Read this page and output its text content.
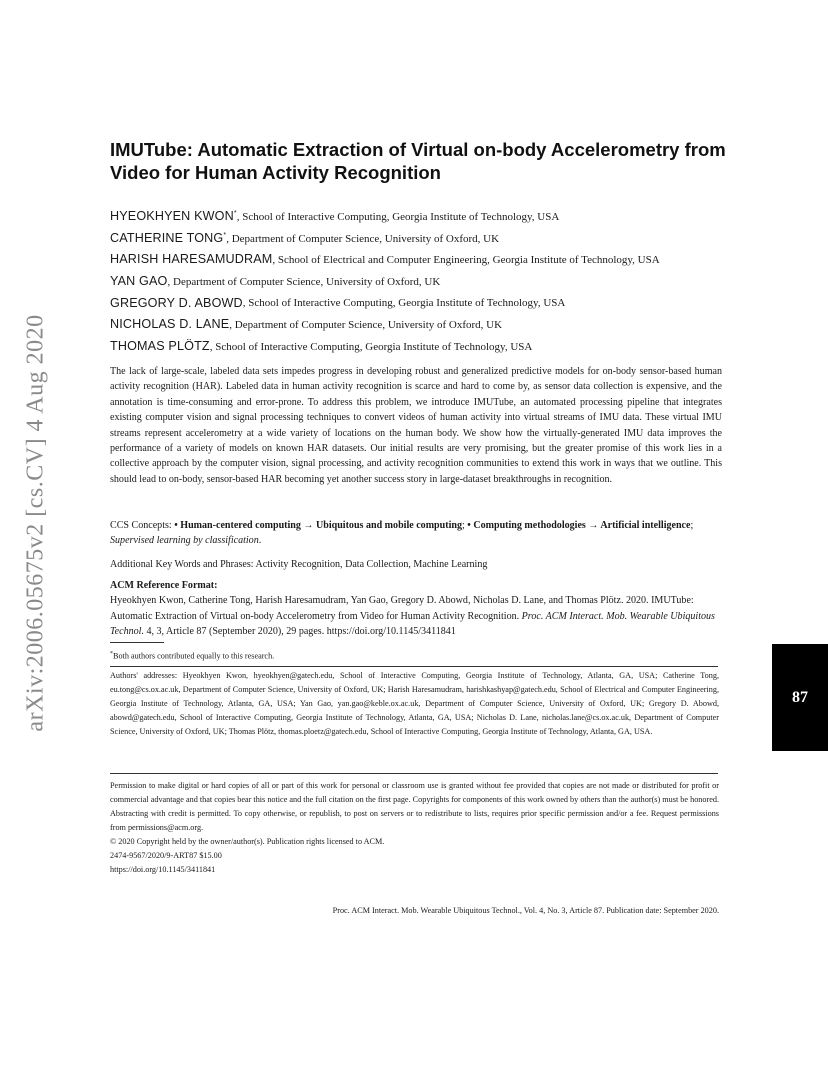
arXiv:2006.05675v2 [cs.CV] 4 Aug 2020
IMUTube: Automatic Extraction of Virtual on-body Accelerometry from Video for Human Activity Recognition
HYEOKHYEN KWON*, School of Interactive Computing, Georgia Institute of Technology, USA
CATHERINE TONG*, Department of Computer Science, University of Oxford, UK
HARISH HARESAMUDRAM, School of Electrical and Computer Engineering, Georgia Institute of Technology, USA
YAN GAO, Department of Computer Science, University of Oxford, UK
GREGORY D. ABOWD, School of Interactive Computing, Georgia Institute of Technology, USA
NICHOLAS D. LANE, Department of Computer Science, University of Oxford, UK
THOMAS PLÖTZ, School of Interactive Computing, Georgia Institute of Technology, USA

The lack of large-scale, labeled data sets impedes progress in developing robust and generalized predictive models for on-body sensor-based human activity recognition (HAR). Labeled data in human activity recognition is scarce and hard to come by, as sensor data collection is expensive, and the annotation is time-consuming and error-prone. To address this problem, we introduce IMUTube, an automated processing pipeline that integrates existing computer vision and signal processing techniques to convert videos of human activity into virtual streams of IMU data. These virtual IMU streams represent accelerometry at a wide variety of locations on the human body. We show how the virtually-generated IMU data improves the performance of a variety of models on known HAR datasets. Our initial results are very promising, but the greater promise of this work lies in a collective approach by the computer vision, signal processing, and activity recognition communities to extend this work in ways that we outline. This should lead to on-body, sensor-based HAR becoming yet another success story in large-dataset breakthroughs in recognition.

CCS Concepts: • Human-centered computing → Ubiquitous and mobile computing; • Computing methodologies → Artificial intelligence; Supervised learning by classification.
Additional Key Words and Phrases: Activity Recognition, Data Collection, Machine Learning
ACM Reference Format:
Hyeokhyen Kwon, Catherine Tong, Harish Haresamudram, Yan Gao, Gregory D. Abowd, Nicholas D. Lane, and Thomas Plötz. 2020. IMUTube: Automatic Extraction of Virtual on-body Accelerometry from Video for Human Activity Recognition. Proc. ACM Interact. Mob. Wearable Ubiquitous Technol. 4, 3, Article 87 (September 2020), 29 pages. https://doi.org/10.1145/3411841
*Both authors contributed equally to this research.

Authors' addresses: Hyeokhyen Kwon, hyeokhyen@gatech.edu, School of Interactive Computing, Georgia Institute of Technology, Atlanta, GA, USA; Catherine Tong, eu.tong@cs.ox.ac.uk, Department of Computer Science, University of Oxford, UK; Harish Haresamudram, harishkashyap@gatech.edu, School of Electrical and Computer Engineering, Georgia Institute of Technology, Atlanta, GA, USA; Yan Gao, yan.gao@keble.ox.ac.uk, Department of Computer Science, University of Oxford, UK; Gregory D. Abowd, abowd@gatech.edu, School of Interactive Computing, Georgia Institute of Technology, Atlanta, GA, USA; Nicholas D. Lane, nicholas.lane@cs.ox.ac.uk, Department of Computer Science, University of Oxford, UK; Thomas Plötz, thomas.ploetz@gatech.edu, School of Interactive Computing, Georgia Institute of Technology, Atlanta, GA, USA.

Permission to make digital or hard copies of all or part of this work for personal or classroom use is granted without fee provided that copies are not made or distributed for profit or commercial advantage and that copies bear this notice and the full citation on the first page. Copyrights for components of this work owned by others than the author(s) must be honored. Abstracting with credit is permitted. To copy otherwise, or republish, to post on servers or to redistribute to lists, requires prior specific permission and/or a fee. Request permissions from permissions@acm.org.
© 2020 Copyright held by the owner/author(s). Publication rights licensed to ACM.
2474-9567/2020/9-ART87 $15.00
https://doi.org/10.1145/3411841
Proc. ACM Interact. Mob. Wearable Ubiquitous Technol., Vol. 4, No. 3, Article 87. Publication date: September 2020.
87
